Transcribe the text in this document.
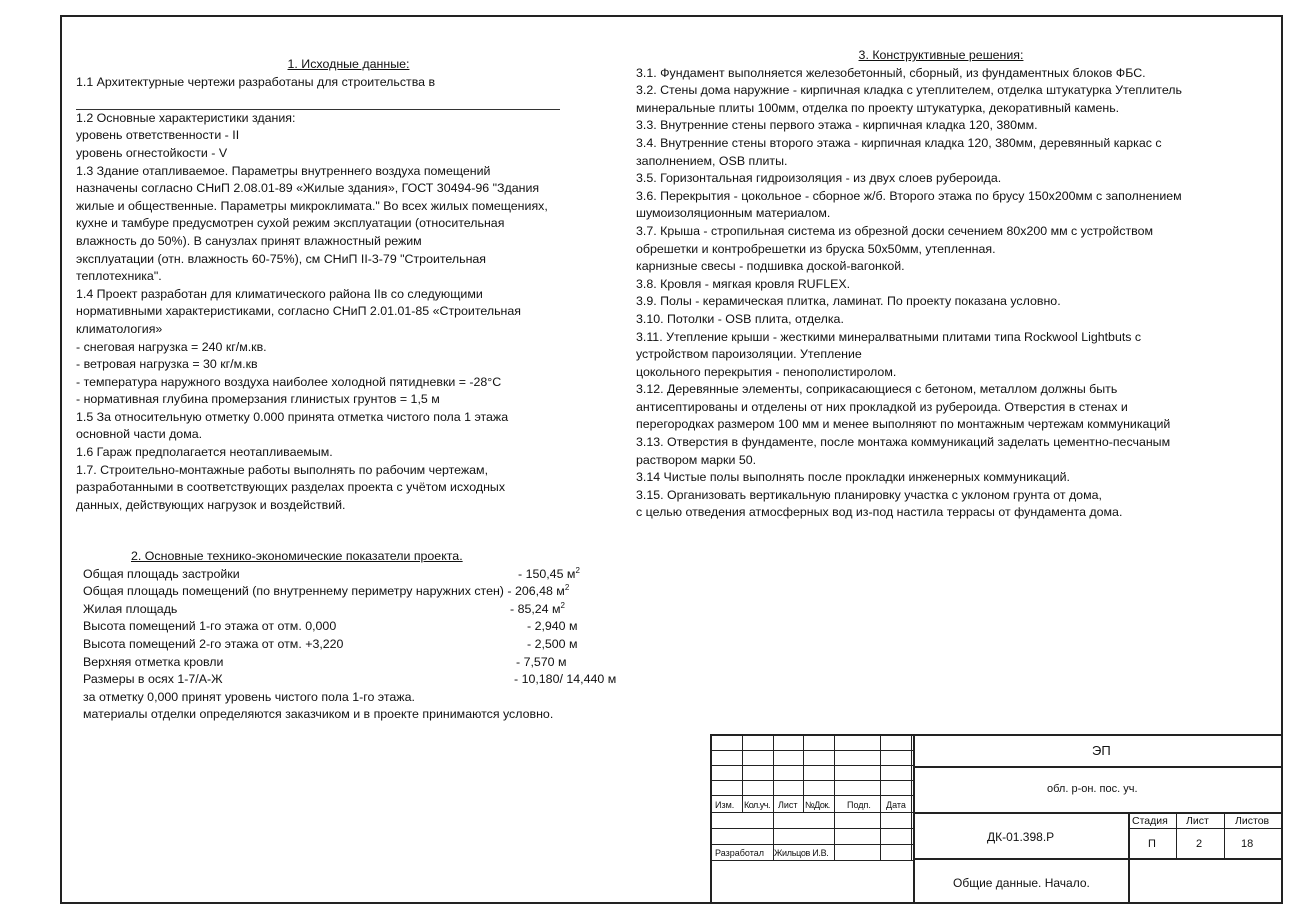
1. Исходные данные:
1.1 Архитектурные чертежи разработаны для строительства в
1.2 Основные характеристики здания:
уровень ответственности - II
уровень огнестойкости - V
1.3 Здание отапливаемое. Параметры внутреннего воздуха помещений
назначены согласно СНиП 2.08.01-89 «Жилые здания», ГОСТ 30494-96 "Здания
жилые и общественные. Параметры микроклимата." Во всех жилых помещениях,
кухне и тамбуре предусмотрен сухой режим эксплуатации (относительная
влажность до 50%). В санузлах принят влажностный режим
эксплуатации (отн. влажность 60-75%), см СНиП II-3-79 "Строительная
теплотехника".
1.4 Проект разработан для климатического района IIв со следующими
нормативными характеристиками, согласно СНиП 2.01.01-85 «Строительная
климатология»
- снеговая нагрузка = 240 кг/м.кв.
- ветровая нагрузка = 30 кг/м.кв
- температура наружного воздуха наиболее холодной пятидневки = -28°С
- нормативная глубина промерзания глинистых грунтов = 1,5 м
1.5 За относительную отметку 0.000 принята отметка чистого пола 1 этажа
основной части дома.
1.6 Гараж предполагается неотапливаемым.
1.7. Строительно-монтажные работы выполнять по рабочим чертежам,
разработанными в соответствующих разделах проекта с учётом исходных
данных, действующих нагрузок и воздействий.
2. Основные технико-экономические показатели проекта.
Общая площадь застройки	- 150,45 $м^2$
Общая площадь помещений (по внутреннему периметру наружних стен) - 206,48 $м^2$
Жилая площадь	- 85,24 $м^2$
Высота помещений 1-го этажа от отм. 0,000	- 2,940 м
Высота помещений 2-го этажа от отм. +3,220	- 2,500 м
Верхняя отметка кровли	- 7,570 м
Размеры в осях 1-7/А-Ж	- 10,180/ 14,440 м
за отметку 0,000 принят уровень чистого пола 1-го этажа.
материалы отделки определяются заказчиком и в проекте принимаются условно.
3. Конструктивные решения:
3.1. Фундамент выполняется железобетонный, сборный, из фундаментных блоков ФБС.
3.2. Стены дома наружние - кирпичная кладка с утеплителем, отделка штукатурка Утеплитель
минеральные плиты 100мм, отделка по проекту штукатурка, декоративный камень.
3.3. Внутренние стены первого этажа - кирпичная кладка 120, 380мм.
3.4. Внутренние стены второго этажа - кирпичная кладка 120, 380мм, деревянный каркас с
заполнением, OSB плиты.
3.5. Горизонтальная гидроизоляция - из двух слоев рубероида.
3.6. Перекрытия - цокольное - сборное ж/б. Второго этажа по брусу 150х200мм с заполнением
шумоизоляционным материалом.
3.7. Крыша - стропильная система из обрезной доски сечением 80х200 мм с устройством
обрешетки и контробрешетки из бруска 50х50мм, утепленная.
карнизные свесы - подшивка доской-вагонкой.
3.8. Кровля - мягкая кровля RUFLEX.
3.9. Полы - керамическая плитка, ламинат. По проекту показана условно.
3.10. Потолки - OSB плита, отделка.
3.11. Утепление крыши - жесткими минералватными плитами типа Rockwool Lightbuts с
устройством пароизоляции. Утепление
цокольного перекрытия - пенополистиролом.
3.12. Деревянные элементы, соприкасающиеся с бетоном, металлом должны быть
антисептированы и отделены от них прокладкой из рубероида. Отверстия в стенах и
перегородках размером 100 мм и менее выполняют по монтажным чертежам коммуникаций
3.13. Отверстия в фундаменте, после монтажа коммуникаций заделать цементно-песчаным
раствором марки 50.
3.14 Чистые полы выполнять после прокладки инженерных коммуникаций.
3.15. Организовать вертикальную планировку участка с уклоном грунта от дома,
с целью отведения атмосферных вод из-под настила террасы от фундамента дома.
Изм. Кол.уч. Лист №Док. Подп. Дата
Разработал Жильцов И.В.
ЭП
обл. р-он. пос. уч.
ДК-01.398.Р
Общие данные. Начало.
Стадия Лист Листов
П	2	18
